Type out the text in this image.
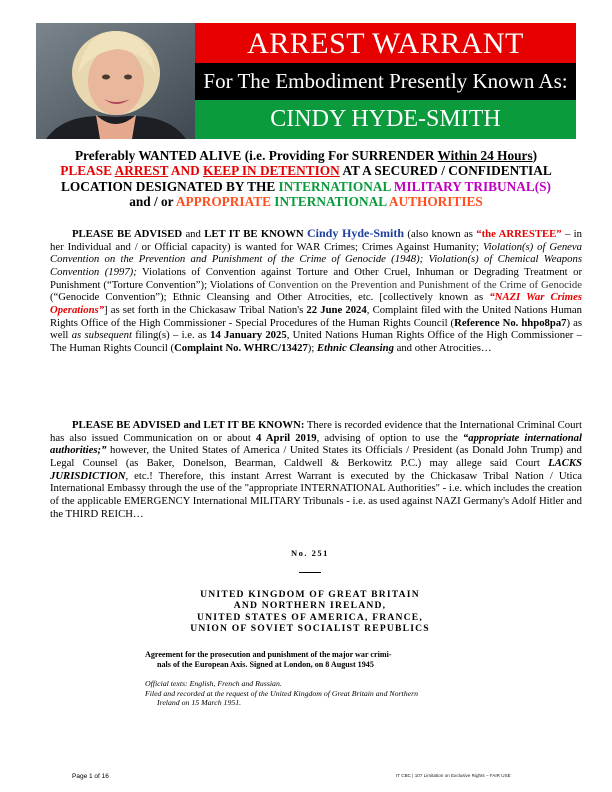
ARREST WARRANT
For The Embodiment Presently Known As:
CINDY HYDE-SMITH
Preferably WANTED ALIVE (i.e. Providing For SURRENDER Within 24 Hours)
PLEASE ARREST AND KEEP IN DETENTION AT A SECURED / CONFIDENTIAL
LOCATION DESIGNATED BY THE INTERNATIONAL MILITARY TRIBUNAL(S)
and / or APPROPRIATE INTERNATIONAL AUTHORITIES

PLEASE BE ADVISED and LET IT BE KNOWN Cindy Hyde-Smith (also known as “the ARRESTEE” – in her Individual and / or Official capacity) is wanted for WAR Crimes; Crimes Against Humanity; Violation(s) of Geneva Convention on the Prevention and Punishment of the Crime of Genocide (1948); Violation(s) of Chemical Weapons Convention (1997); Violations of Convention against Torture and Other Cruel, Inhuman or Degrading Treatment or Punishment (“Torture Convention”); Violations of Convention on the Prevention and Punishment of the Crime of Genocide (“Genocide Convention”); Ethnic Cleansing and Other Atrocities, etc. [collectively known as “NAZI War Crimes Operations”] as set forth in the Chickasaw Tribal Nation's 22 June 2024, Complaint filed with the United Nations Human Rights Office of the High Commissioner - Special Procedures of the Human Rights Council (Reference No. hhpo8pa7) as well as subsequent filing(s) – i.e. as 14 January 2025, United Nations Human Rights Office of the High Commissioner – The Human Rights Council (Complaint No. WHRC/13427); Ethnic Cleansing and other Atrocities…

PLEASE BE ADVISED and LET IT BE KNOWN: There is recorded evidence that the International Criminal Court has also issued Communication on or about 4 April 2019, advising of option to use the “appropriate international authorities;” however, the United States of America / United States its Officials / President (as Donald John Trump) and Legal Counsel (as Baker, Donelson, Bearman, Caldwell & Berkowitz P.C.) may allege said Court LACKS JURISDICTION, etc.! Therefore, this instant Arrest Warrant is executed by the Chickasaw Tribal Nation / Utica International Embassy through the use of the "appropriate INTERNATIONAL Authorities" - i.e. which includes the creation of the applicable EMERGENCY International MILITARY Tribunals - i.e. as used against NAZI Germany's Adolf Hitler and the THIRD REICH…

No. 251
UNITED KINGDOM OF GREAT BRITAIN
AND NORTHERN IRELAND,
UNITED STATES OF AMERICA, FRANCE,
UNION OF SOVIET SOCIALIST REPUBLICS
Agreement for the prosecution and punishment of the major war crimi-
nals of the European Axis. Signed at London, on 8 August 1945
Official texts: English, French and Russian.
Filed and recorded at the request of the United Kingdom of Great Britain and Northern
Ireland on 15 March 1951.
Page 1 of 16	IT CBC | 107 Limitation on Exclusive Rights – FAIR USE
